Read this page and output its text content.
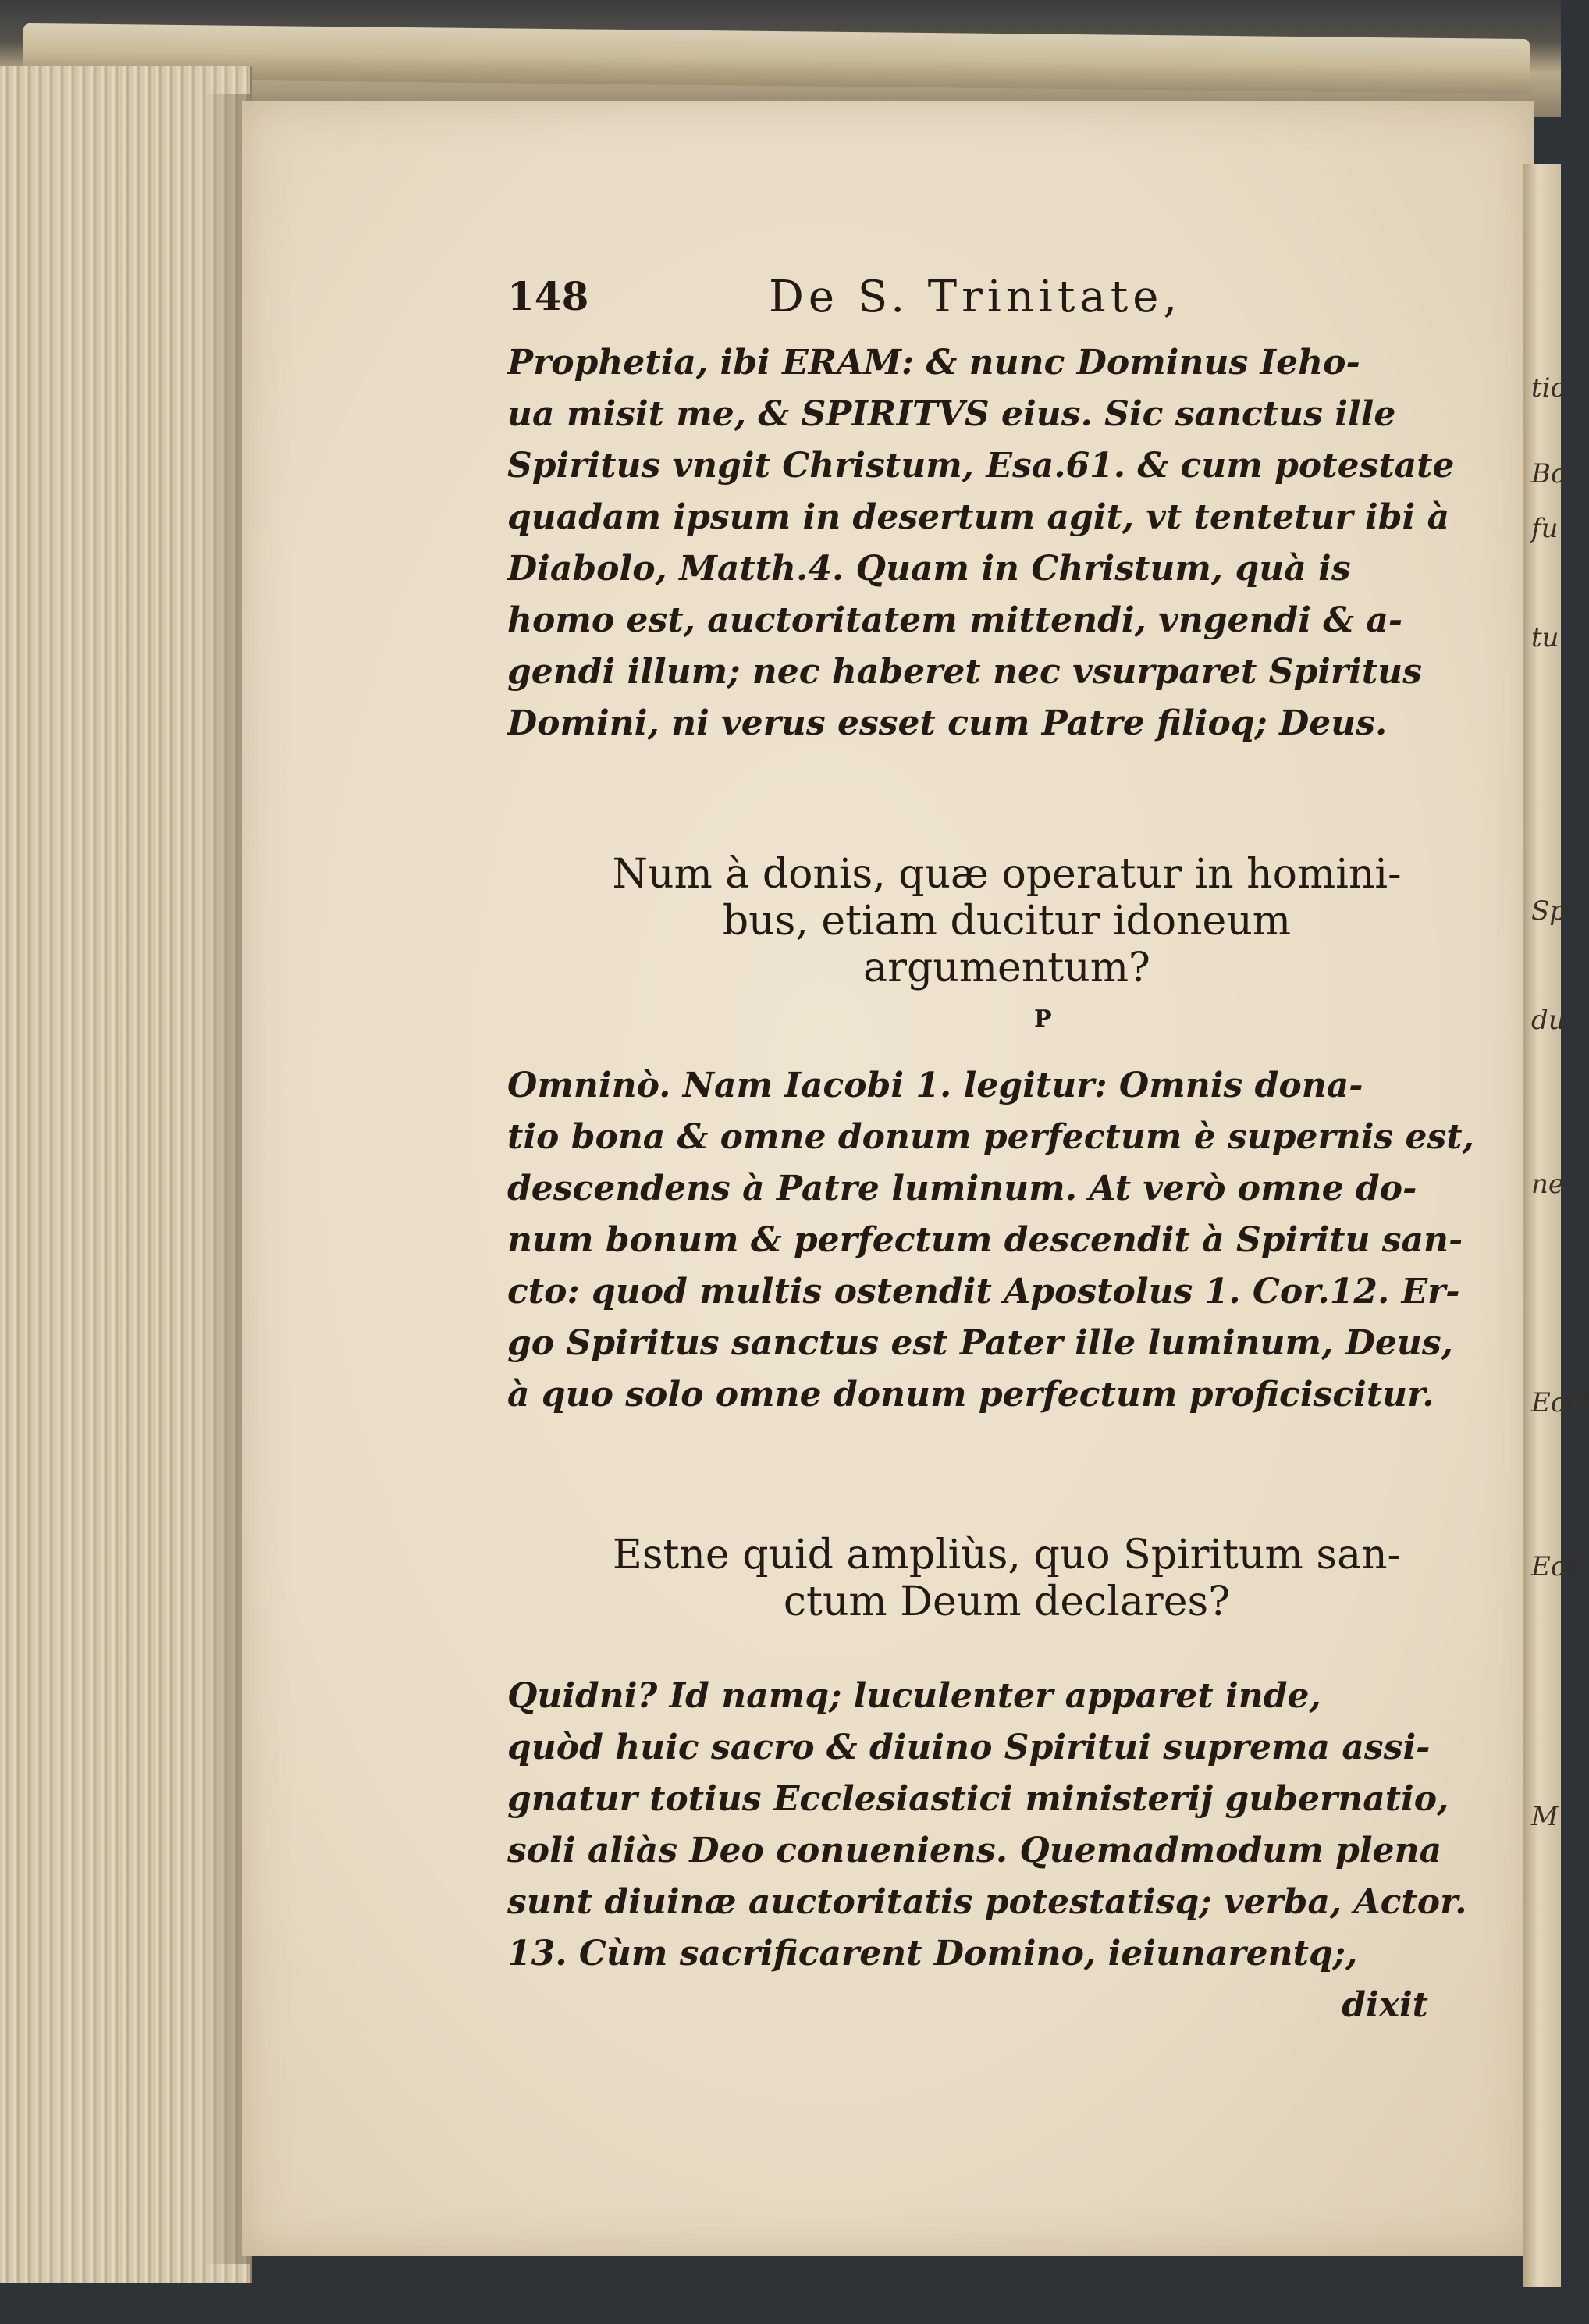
148	De S. Trinitate,
Prophetia, ibi ERAM: & nunc Dominus Ieho-
ua misit me, & SPIRITVS eius. Sic sanctus ille
Spiritus vngit Christum, Esa.61. & cum potestate
quadam ipsum in desertum agit, vt tentetur ibi à
Diabolo, Matth.4. Quam in Christum, quà is
homo est, auctoritatem mittendi, vngendi & a-
gendi illum; nec haberet nec vsurparet Spiritus
Domini, ni verus esset cum Patre filioq; Deus.
Num à donis, quæ operatur in homini-
bus, etiam ducitur idoneum
argumentum?
P
Omninò. Nam Iacobi 1. legitur: Omnis dona-
tio bona & omne donum perfectum è supernis est,
descendens à Patre luminum. At verò omne do-
num bonum & perfectum descendit à Spiritu san-
cto: quod multis ostendit Apostolus 1. Cor.12. Er-
go Spiritus sanctus est Pater ille luminum, Deus,
à quo solo omne donum perfectum proficiscitur.
Estne quid ampliùs, quo Spiritum san-
ctum Deum declares?
Quidni? Id namq; luculenter apparet inde,
quòd huic sacro & diuino Spiritui suprema assi-
gnatur totius Ecclesiastici ministerij gubernatio,
soli aliàs Deo conueniens. Quemadmodum plena
sunt diuinæ auctoritatis potestatisq; verba, Actor.
13. Cùm sacrificarent Domino, ieiunarentq;,
dixit
tic
Bo
fu
tu
Sp
du
ne
Eccl
Ecc
M
